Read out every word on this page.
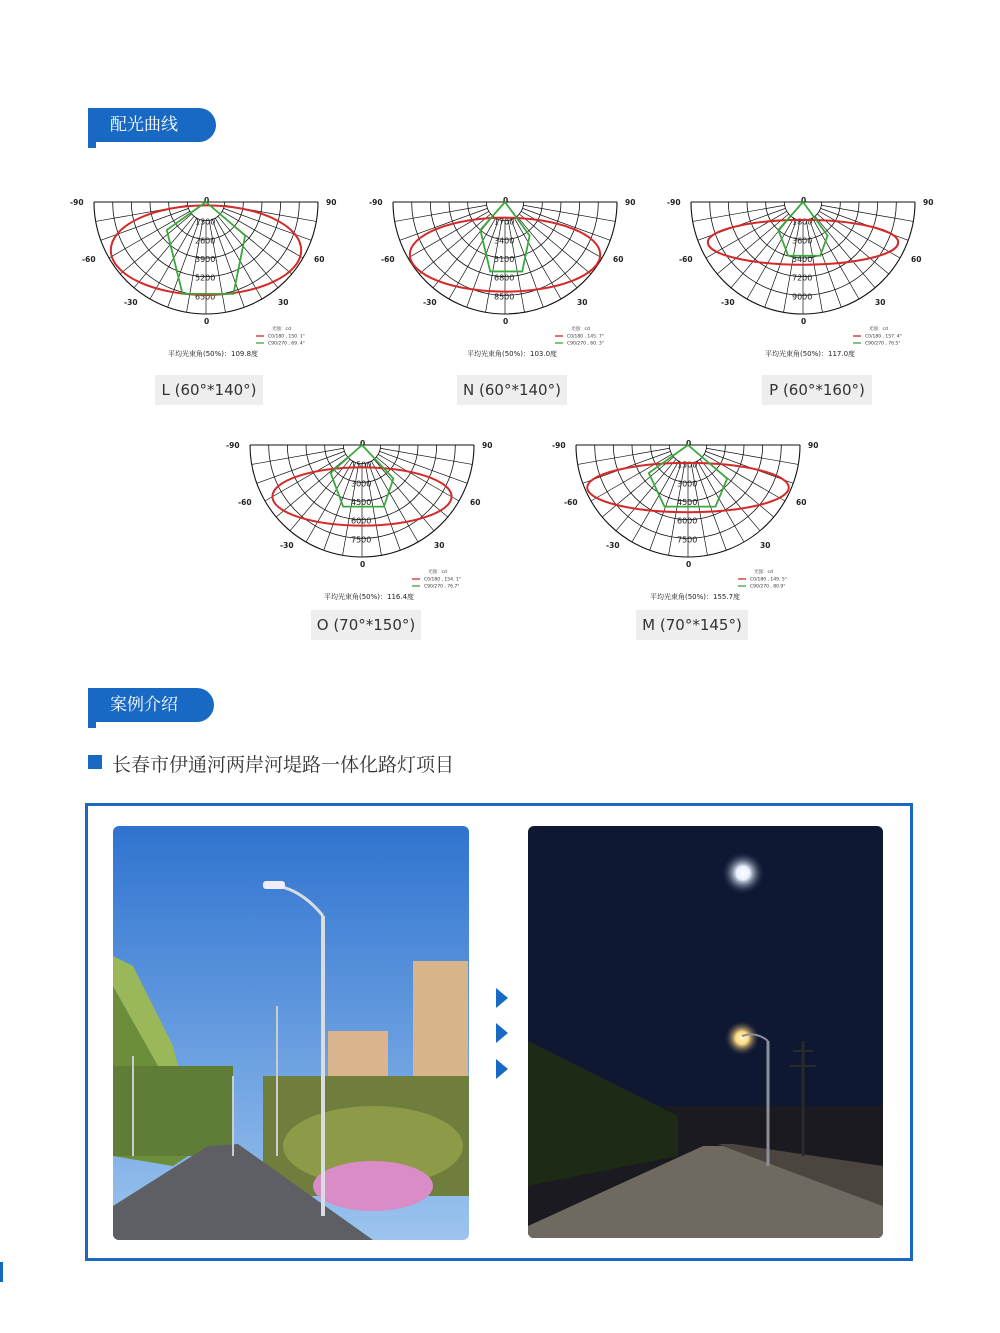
配光曲线
-90	90
-60	60
-30	30
0
0
1300
2600
3900
5200
6500
光强：cd
C0/180 , 150. 1°
C90/270 , 69. 4°
平均光束角(50%)：109.8度
-90	90
-60	60
-30	30
0
0
1700
3400
5100
6800
8500
光强：cd
C0/180 , 145. 7°
C90/270 , 60. 3°
平均光束角(50%)：103.0度
-90	90
-60	60
-30	30
0
0
1800
3600
5400
7200
9000
光强：cd
C0/180 , 157. 4°
C90/270 , 76.5°
平均光束角(50%)：117.0度
-90	90
-60	60
-30	30
0
0
1500
3000
4500
6000
7500
光强：cd
C0/180 , 154. 1°
C90/270 , 76.7°
平均光束角(50%)：116.4度
-90	90
-60	60
-30	30
0
0
1500
3000
4500
6000
7500
光强：cd
C0/180 , 149. 5°
C90/270 , 80.9°
平均光束角(50%)：155.7度
L (60°*140°)	N (60°*140°)	P (60°*160°)
O (70°*150°)	M (70°*145°)
案例介绍
长春市伊通河两岸河堤路一体化路灯项目
